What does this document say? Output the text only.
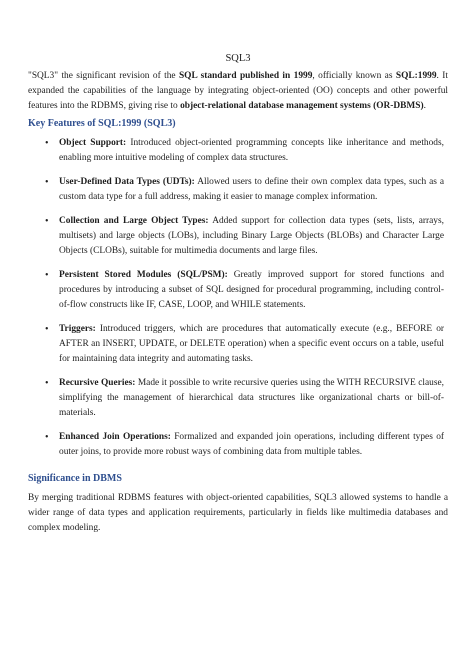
SQL3

"SQL3" the significant revision of the SQL standard published in 1999, officially known as SQL:1999. It expanded the capabilities of the language by integrating object-oriented (OO) concepts and other powerful features into the RDBMS, giving rise to object-relational database management systems (OR-DBMS).

Key Features of SQL:1999 (SQL3)
• Object Support: Introduced object-oriented programming concepts like inheritance and methods, enabling more intuitive modeling of complex data structures.
• User-Defined Data Types (UDTs): Allowed users to define their own complex data types, such as a custom data type for a full address, making it easier to manage complex information.
• Collection and Large Object Types: Added support for collection data types (sets, lists, arrays, multisets) and large objects (LOBs), including Binary Large Objects (BLOBs) and Character Large Objects (CLOBs), suitable for multimedia documents and large files.
• Persistent Stored Modules (SQL/PSM): Greatly improved support for stored functions and procedures by introducing a subset of SQL designed for procedural programming, including control-of-flow constructs like IF, CASE, LOOP, and WHILE statements.
• Triggers: Introduced triggers, which are procedures that automatically execute (e.g., BEFORE or AFTER an INSERT, UPDATE, or DELETE operation) when a specific event occurs on a table, useful for maintaining data integrity and automating tasks.
• Recursive Queries: Made it possible to write recursive queries using the WITH RECURSIVE clause, simplifying the management of hierarchical data structures like organizational charts or bill-of-materials.
• Enhanced Join Operations: Formalized and expanded join operations, including different types of outer joins, to provide more robust ways of combining data from multiple tables.
Significance in DBMS

By merging traditional RDBMS features with object-oriented capabilities, SQL3 allowed systems to handle a wider range of data types and application requirements, particularly in fields like multimedia databases and complex modeling.
